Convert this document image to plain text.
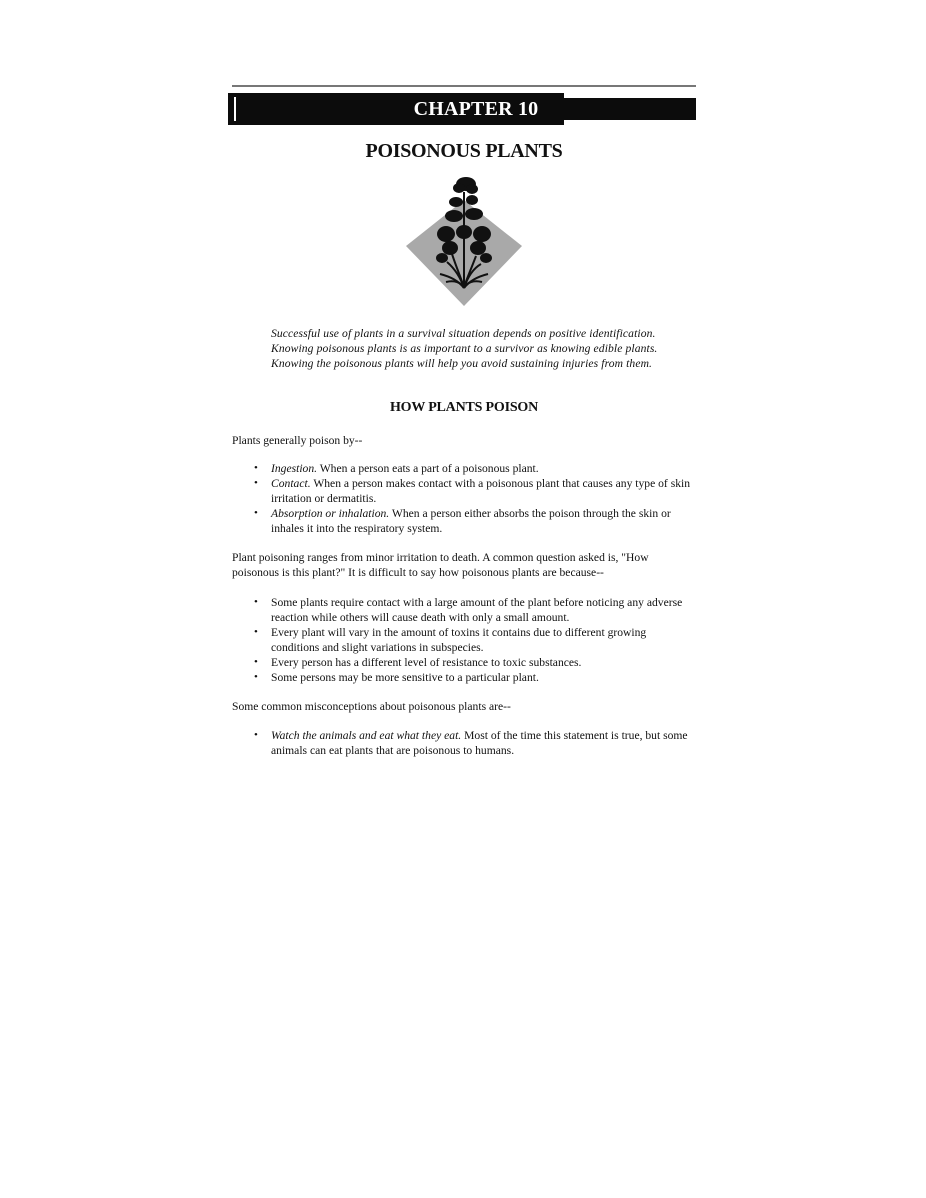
CHAPTER 10
POISONOUS PLANTS
Successful use of plants in a survival situation depends on positive identification. Knowing poisonous plants is as important to a survivor as knowing edible plants. Knowing the poisonous plants will help you avoid sustaining injuries from them.
HOW PLANTS POISON
Plants generally poison by--
• Ingestion. When a person eats a part of a poisonous plant.
• Contact. When a person makes contact with a poisonous plant that causes any type of skin irritation or dermatitis.
• Absorption or inhalation. When a person either absorbs the poison through the skin or inhales it into the respiratory system.
Plant poisoning ranges from minor irritation to death. A common question asked is, "How poisonous is this plant?" It is difficult to say how poisonous plants are because--
• Some plants require contact with a large amount of the plant before noticing any adverse reaction while others will cause death with only a small amount.
• Every plant will vary in the amount of toxins it contains due to different growing conditions and slight variations in subspecies.
• Every person has a different level of resistance to toxic substances.
• Some persons may be more sensitive to a particular plant.
Some common misconceptions about poisonous plants are--
• Watch the animals and eat what they eat. Most of the time this statement is true, but some animals can eat plants that are poisonous to humans.
